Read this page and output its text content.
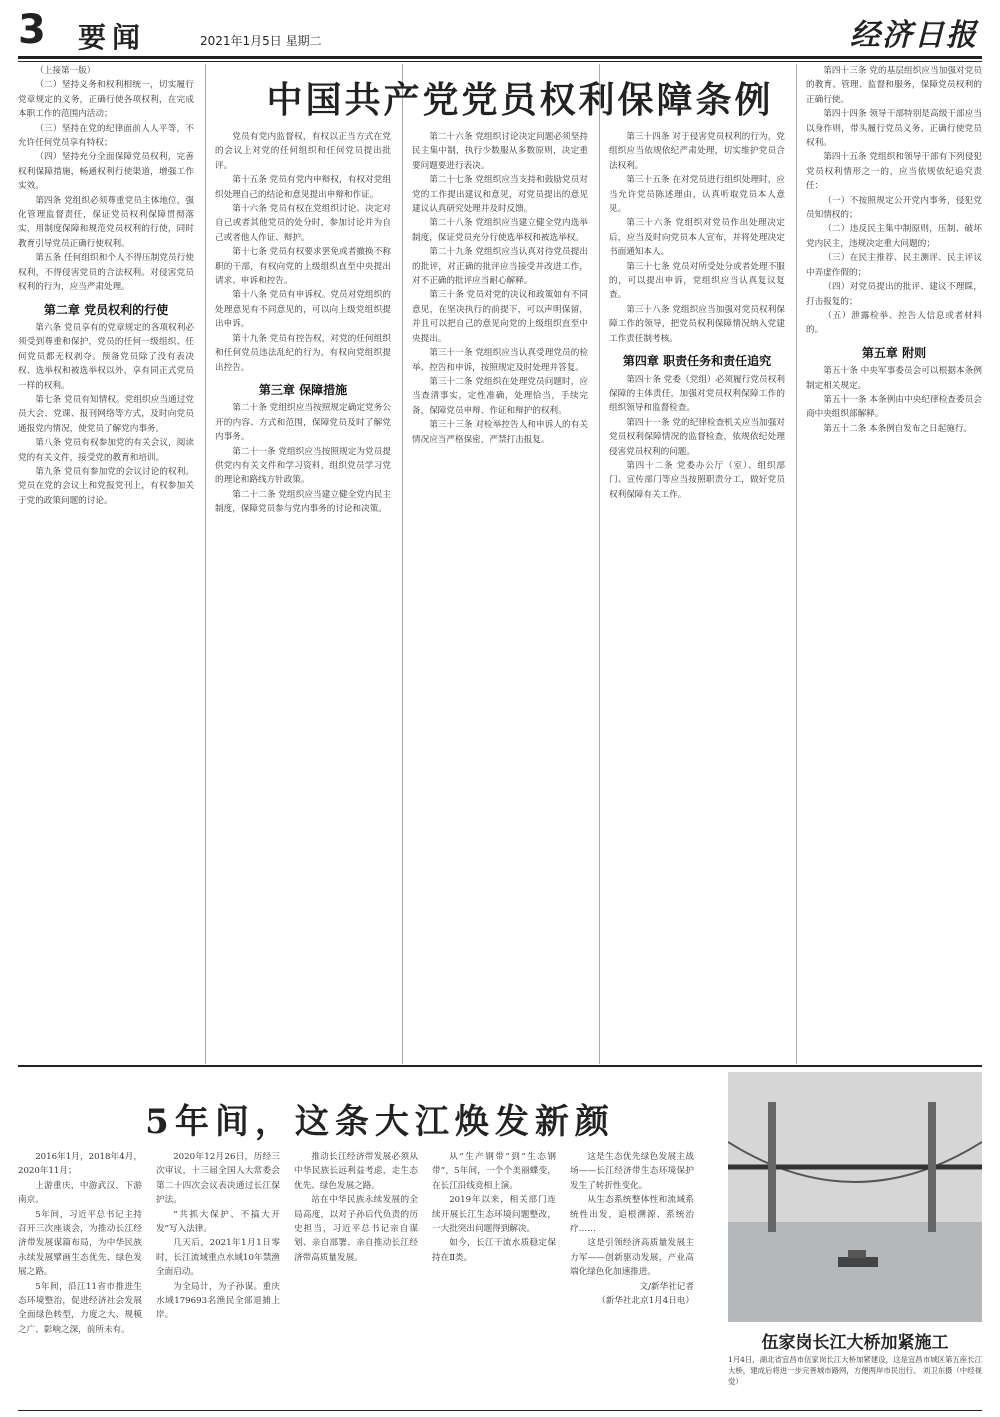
3 要闻	2021年1月5日 星期二	经济日报

（上接第一版）

（二）坚持义务和权利相统一，切实履行党章规定的义务，正确行使各项权利，在完成本职工作的范围内活动；

（三）坚持在党的纪律面前人人平等，不允许任何党员享有特权；

（四）坚持充分全面保障党员权利，完善权利保障措施，畅通权利行使渠道，增强工作实效。

第四条 党组织必须尊重党员主体地位，强化管理监督责任，保证党员权利保障贯彻落实，用制度保障和规范党员权利的行使，同时教育引导党员正确行使权利。

第五条 任何组织和个人不得压制党员行使权利，不得侵害党员的合法权利。对侵害党员权利的行为，应当严肃处理。

第二章 党员权利的行使

第六条 党员享有的党章规定的各项权利必须受到尊重和保护，党员的任何一级组织、任何党员都无权剥夺。预备党员除了没有表决权、选举权和被选举权以外，享有同正式党员一样的权利。

第七条 党员有知情权。党组织应当通过党员大会、党课、报刊网络等方式，及时向党员通报党内情况，使党员了解党内事务。

第八条 党员有权参加党的有关会议，阅读党的有关文件，接受党的教育和培训。

第九条 党员有参加党的会议讨论的权利。党员在党的会议上和党报党刊上，有权参加关于党的政策问题的讨论。

党员有党内监督权，有权以正当方式在党的会议上对党的任何组织和任何党员提出批评。

第十五条 党员有党内申辩权，有权对党组织处理自己的结论和意见提出申辩和作证。

第十六条 党员有权在党组织讨论、决定对自己或者其他党员的处分时，参加讨论并为自己或者他人作证、辩护。

第十七条 党员有权要求罢免或者撤换不称职的干部，有权向党的上级组织直至中央提出请求、申诉和控告。

第十八条 党员有申诉权。党员对党组织的处理意见有不同意见的，可以向上级党组织提出申诉。

第十九条 党员有控告权，对党的任何组织和任何党员违法乱纪的行为，有权向党组织提出控告。

第三章 保障措施

第二十条 党组织应当按照规定确定党务公开的内容、方式和范围，保障党员及时了解党内事务。

第二十一条 党组织应当按照规定为党员提供党内有关文件和学习资料，组织党员学习党的理论和路线方针政策。

第二十二条 党组织应当建立健全党内民主制度，保障党员参与党内事务的讨论和决策。

第二十六条 党组织讨论决定问题必须坚持民主集中制，执行少数服从多数原则，决定重要问题要进行表决。

第二十七条 党组织应当支持和鼓励党员对党的工作提出建议和意见，对党员提出的意见建议认真研究处理并及时反馈。

第二十八条 党组织应当建立健全党内选举制度，保证党员充分行使选举权和被选举权。

第二十九条 党组织应当认真对待党员提出的批评，对正确的批评应当接受并改进工作，对不正确的批评应当耐心解释。

第三十条 党员对党的决议和政策如有不同意见，在坚决执行的前提下，可以声明保留，并且可以把自己的意见向党的上级组织直至中央提出。

第三十一条 党组织应当认真受理党员的检举、控告和申诉，按照规定及时处理并答复。

第三十二条 党组织在处理党员问题时，应当查清事实，定性准确，处理恰当，手续完备，保障党员申辩、作证和辩护的权利。

第三十三条 对检举控告人和申诉人的有关情况应当严格保密，严禁打击报复。

第三十四条 对于侵害党员权利的行为，党组织应当依规依纪严肃处理，切实维护党员合法权利。

第三十五条 在对党员进行组织处理时，应当允许党员陈述理由，认真听取党员本人意见。

第三十六条 党组织对党员作出处理决定后，应当及时向党员本人宣布，并将处理决定书面通知本人。

第三十七条 党员对所受处分或者处理不服的，可以提出申诉，党组织应当认真复议复查。

第三十八条 党组织应当加强对党员权利保障工作的领导，把党员权利保障情况纳入党建工作责任制考核。

第四章 职责任务和责任追究

第四十条 党委（党组）必须履行党员权利保障的主体责任，加强对党员权利保障工作的组织领导和监督检查。

第四十一条 党的纪律检查机关应当加强对党员权利保障情况的监督检查，依规依纪处理侵害党员权利的问题。

第四十二条 党委办公厅（室）、组织部门、宣传部门等应当按照职责分工，做好党员权利保障有关工作。

第四十三条 党的基层组织应当加强对党员的教育、管理、监督和服务，保障党员权利的正确行使。

第四十四条 领导干部特别是高级干部应当以身作则，带头履行党员义务、正确行使党员权利。

第四十五条 党组织和领导干部有下列侵犯党员权利情形之一的，应当依规依纪追究责任：

（一）不按照规定公开党内事务，侵犯党员知情权的；

（二）违反民主集中制原则，压制、破坏党内民主，违规决定重大问题的；

（三）在民主推荐、民主测评、民主评议中弄虚作假的；

（四）对党员提出的批评、建议不理睬，打击报复的；

（五）泄露检举、控告人信息或者材料的。

第五章 附则

第五十条 中央军事委员会可以根据本条例制定相关规定。

第五十一条 本条例由中央纪律检查委员会商中央组织部解释。

第五十二条 本条例自发布之日起施行。

中国共产党党员权利保障条例
5年间，这条大江焕发新颜

2016年1月，2018年4月，2020年11月；

上游重庆，中游武汉，下游南京。

5年间，习近平总书记主持召开三次座谈会，为推动长江经济带发展谋篇布局，为中华民族永续发展擘画生态优先、绿色发展之路。

5年间，沿江11省市推进生态环境整治，促进经济社会发展全面绿色转型，力度之大、规模之广、影响之深，前所未有。

2020年12月26日，历经三次审议，十三届全国人大常委会第二十四次会议表决通过长江保护法。

“共抓大保护、不搞大开发”写入法律。

几天后，2021年1月1日零时，长江流域重点水域10年禁渔全面启动。

为全局计，为子孙谋。重庆水域179693名渔民全部退捕上岸。

推动长江经济带发展必须从中华民族长远利益考虑，走生态优先、绿色发展之路。

站在中华民族永续发展的全局高度，以对子孙后代负责的历史担当，习近平总书记亲自谋划、亲自部署、亲自推动长江经济带高质量发展。

从“生产钢带”到“生态钢带”，5年间，一个个美丽蝶变，在长江沿线竞相上演。

2019年以来，相关部门连续开展长江生态环境问题整改，一大批突出问题得到解决。

如今，长江干流水质稳定保持在Ⅱ类。

这是生态优先绿色发展主战场——长江经济带生态环境保护发生了转折性变化。

从生态系统整体性和流域系统性出发，追根溯源、系统治疗……

这是引领经济高质量发展主力军——创新驱动发展，产业高端化绿色化加速推进。

文/新华社记者

（新华社北京1月4日电）

伍家岗长江大桥加紧施工
1月4日，湖北省宜昌市伍家岗长江大桥加紧建设，这是宜昌市城区第五座长江大桥，建成后将进一步完善城市路网，方便两岸市民出行。 刘卫东摄（中经视觉）
